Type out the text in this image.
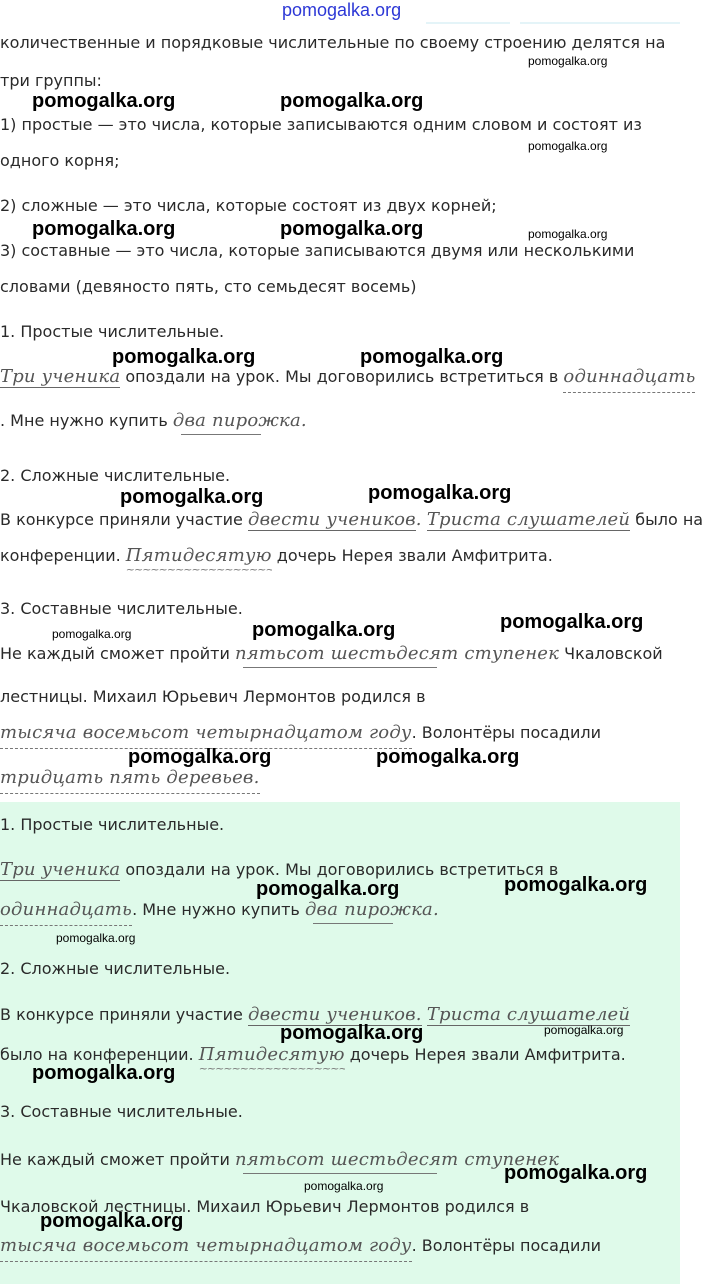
pomogalka.org
количественные и порядковые числительные по своему строению делятся на
три группы:
1) простые — это числа, которые записываются одним словом и состоят из
одного корня;
2) сложные — это числа, которые состоят из двух корней;
3) составные — это числа, которые записываются двумя или несколькими
словами (девяносто пять, сто семьдесят восемь)
1. Простые числительные.
Три ученика опоздали на урок. Мы договорились встретиться в одиннадцать
. Мне нужно купить два пирожка.
2. Сложные числительные.
В конкурсе приняли участие двести учеников. Триста слушателей было на
конференции. Пятидесятую ~~~~~ дочерь Нерея звали Амфитрита.
3. Составные числительные.
Не каждый сможет пройти пятьсот шестьдесят ступенек Чкаловской
лестницы. Михаил Юрьевич Лермонтов родился в
тысяча восемьсот четырнадцатом году. Волонтёры посадили
тридцать пять деревьев.
1. Простые числительные.
Три ученика опоздали на урок. Мы договорились встретиться в
одиннадцать. Мне нужно купить два пирожка.
2. Сложные числительные.
В конкурсе приняли участие двести учеников. Триста слушателей
было на конференции. Пятидесятую ~~~~~ дочерь Нерея звали Амфитрита.
3. Составные числительные.
Не каждый сможет пройти пятьсот шестьдесят ступенек
Чкаловской лестницы. Михаил Юрьевич Лермонтов родился в
тысяча восемьсот четырнадцатом году. Волонтёры посадили
pomogalka.org
pomogalka.org	pomogalka.org
pomogalka.org
pomogalka.org	pomogalka.org	pomogalka.org
pomogalka.org	pomogalka.org
pomogalka.org	pomogalka.org
pomogalka.org	pomogalka.org	pomogalka.org
pomogalka.org	pomogalka.org
pomogalka.org	pomogalka.org
pomogalka.org
pomogalka.org	pomogalka.org
pomogalka.org
pomogalka.org
pomogalka.org
pomogalka.org
